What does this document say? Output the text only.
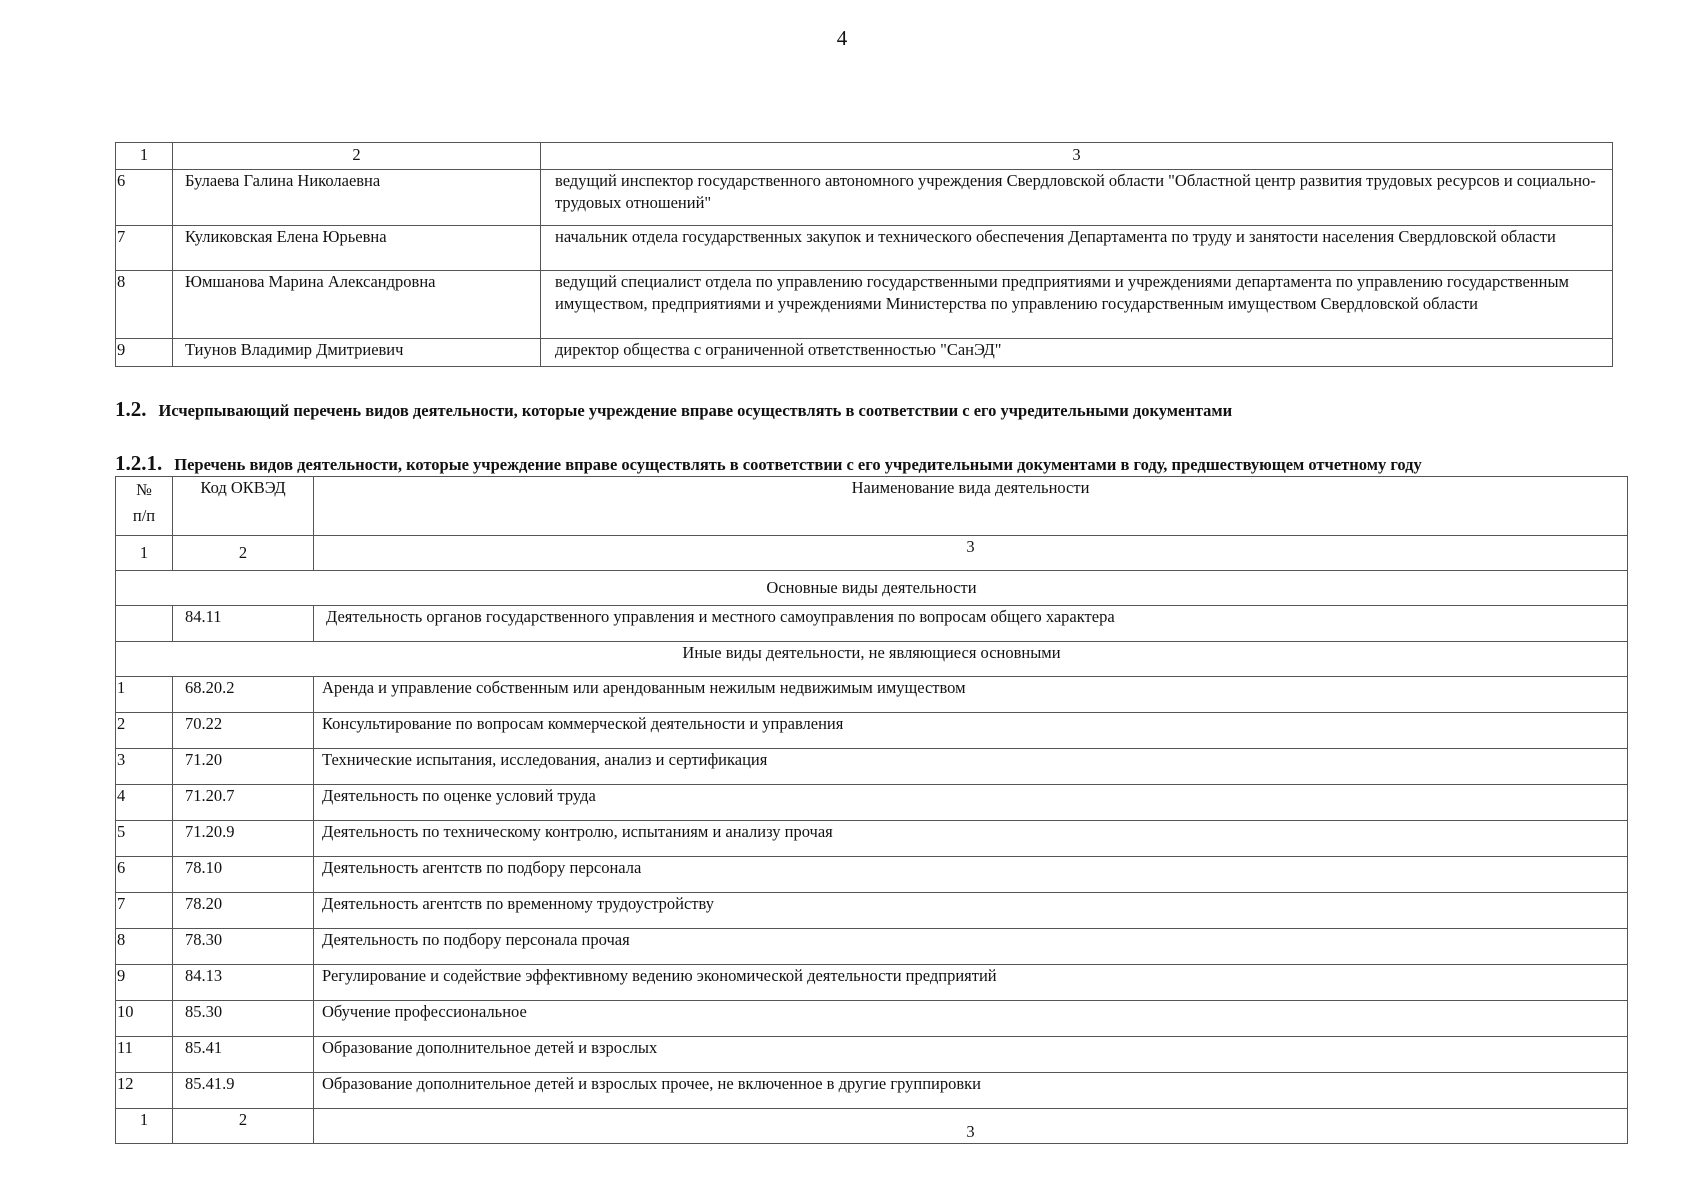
4
1	2	3
6	Булаева Галина Николаевна	ведущий инспектор государственного автономного учреждения Свердловской области "Областной центр развития трудовых ресурсов и социально-трудовых отношений"
7	Куликовская Елена Юрьевна	начальник отдела государственных закупок и технического обеспечения Департамента по труду и занятости населения Свердловской области
8	Юмшанова Марина Александровна	ведущий специалист отдела по управлению государственными предприятиями и учреждениями департамента по управлению государственным имуществом, предприятиями и учреждениями Министерства по управлению государственным имуществом Свердловской области
9	Тиунов Владимир Дмитриевич	директор общества с ограниченной ответственностью "СанЭД"
1.2. Исчерпывающий перечень видов деятельности, которые учреждение вправе осуществлять в соответствии с его учредительными документами
1.2.1. Перечень видов деятельности, которые учреждение вправе осуществлять в соответствии с его учредительными документами в году, предшествующем отчетному году
№
п/п	Код ОКВЭД	Наименование вида деятельности
1	2	3
Основные виды деятельности		
	84.11	Деятельность органов государственного управления и местного самоуправления по вопросам общего характера
Иные виды деятельности, не являющиеся основными		
1	68.20.2	Аренда и управление собственным или арендованным нежилым недвижимым имуществом
2	70.22	Консультирование по вопросам коммерческой деятельности и управления
3	71.20	Технические испытания, исследования, анализ и сертификация
4	71.20.7	Деятельность по оценке условий труда
5	71.20.9	Деятельность по техническому контролю, испытаниям и анализу прочая
6	78.10	Деятельность агентств по подбору персонала
7	78.20	Деятельность агентств по временному трудоустройству
8	78.30	Деятельность по подбору персонала прочая
9	84.13	Регулирование и содействие эффективному ведению экономической деятельности предприятий
10	85.30	Обучение профессиональное
11	85.41	Образование дополнительное детей и взрослых
12	85.41.9	Образование дополнительное детей и взрослых прочее, не включенное в другие группировки
1	2	3
